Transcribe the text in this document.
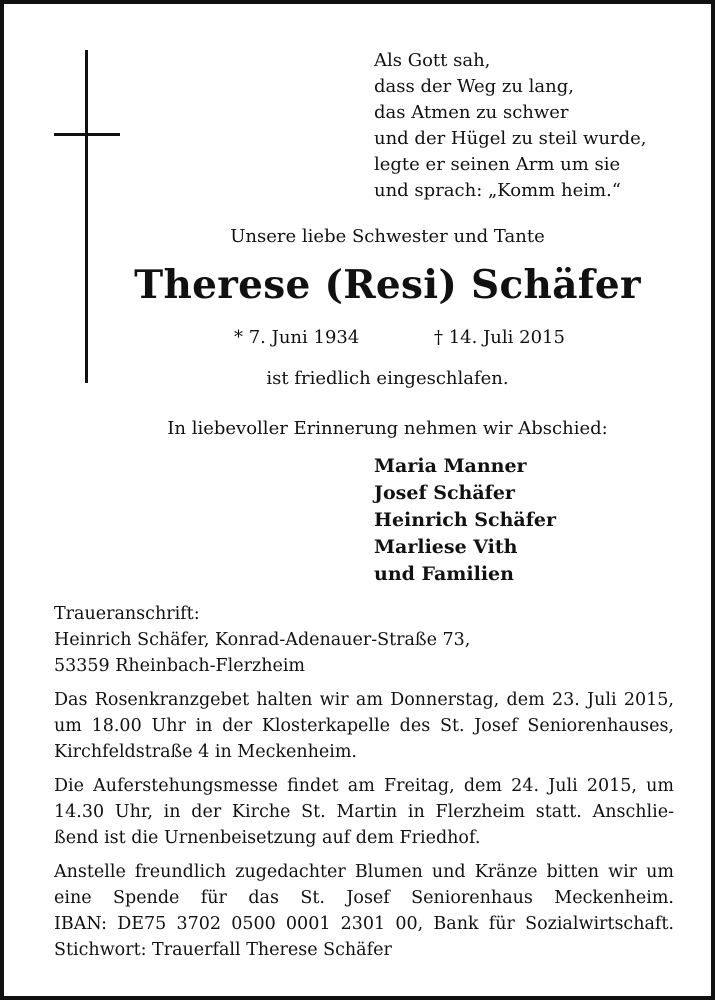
Als Gott sah,
dass der Weg zu lang,
das Atmen zu schwer
und der Hügel zu steil wurde,
legte er seinen Arm um sie
und sprach: „Komm heim.“
Unsere liebe Schwester und Tante
Therese (Resi) Schäfer
* 7. Juni 1934	† 14. Juli 2015
ist friedlich eingeschlafen.
In liebevoller Erinnerung nehmen wir Abschied:
Maria Manner
Josef Schäfer
Heinrich Schäfer
Marliese Vith
und Familien
Traueranschrift:
Heinrich Schäfer, Konrad-Adenauer-Straße 73,
53359 Rheinbach-Flerzheim
Das Rosenkranzgebet halten wir am Donnerstag, dem 23. Juli 2015,
um 18.00 Uhr in der Klosterkapelle des St. Josef Seniorenhauses,
Kirchfeldstraße 4 in Meckenheim.
Die Auferstehungsmesse findet am Freitag, dem 24. Juli 2015, um
14.30 Uhr, in der Kirche St. Martin in Flerzheim statt. Anschlie-
ßend ist die Urnenbeisetzung auf dem Friedhof.
Anstelle freundlich zugedachter Blumen und Kränze bitten wir um
eine Spende für das St. Josef Seniorenhaus Meckenheim.
IBAN: DE75 3702 0500 0001 2301 00, Bank für Sozialwirtschaft.
Stichwort: Trauerfall Therese Schäfer
